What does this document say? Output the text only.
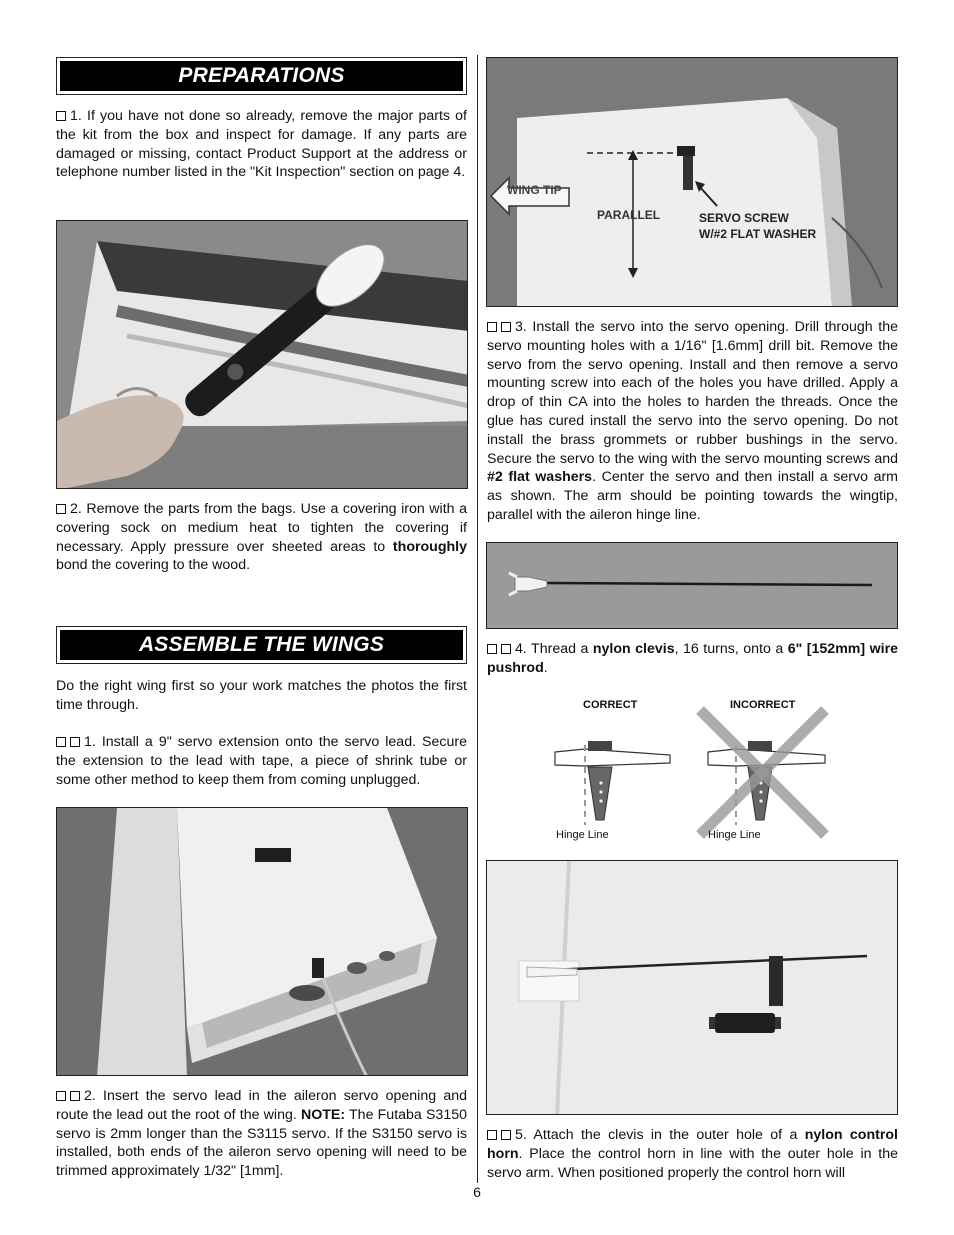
PREPARATIONS
1. If you have not done so already, remove the major parts of the kit from the box and inspect for damage. If any parts are damaged or missing, contact Product Support at the address or telephone number listed in the "Kit Inspection" section on page 4.
2. Remove the parts from the bags. Use a covering iron with a covering sock on medium heat to tighten the covering if necessary. Apply pressure over sheeted areas to thoroughly bond the covering to the wood.
ASSEMBLE THE WINGS
Do the right wing first so your work matches the photos the first time through.
1. Install a 9" servo extension onto the servo lead. Secure the extension to the lead with tape, a piece of shrink tube or some other method to keep them from coming unplugged.
2. Insert the servo lead in the aileron servo opening and route the lead out the root of the wing. NOTE: The Futaba S3150 servo is 2mm longer than the S3115 servo. If the S3150 servo is installed, both ends of the aileron servo opening will need to be trimmed approximately 1/32" [1mm].
WING TIP
PARALLEL	SERVO SCREW
W/#2 FLAT WASHER
3. Install the servo into the servo opening. Drill through the servo mounting holes with a 1/16" [1.6mm] drill bit. Remove the servo from the servo opening. Install and then remove a servo mounting screw into each of the holes you have drilled. Apply a drop of thin CA into the holes to harden the threads. Once the glue has cured install the servo into the servo opening. Do not install the brass grommets or rubber bushings in the servo. Secure the servo to the wing with the servo mounting screws and #2 flat washers. Center the servo and then install a servo arm as shown. The arm should be pointing towards the wingtip, parallel with the aileron hinge line.
4. Thread a nylon clevis, 16 turns, onto a 6" [152mm] wire pushrod.
CORRECT	INCORRECT
Hinge Line	Hinge Line
5. Attach the clevis in the outer hole of a nylon control horn. Place the control horn in line with the outer hole in the servo arm. When positioned properly the control horn will
6
